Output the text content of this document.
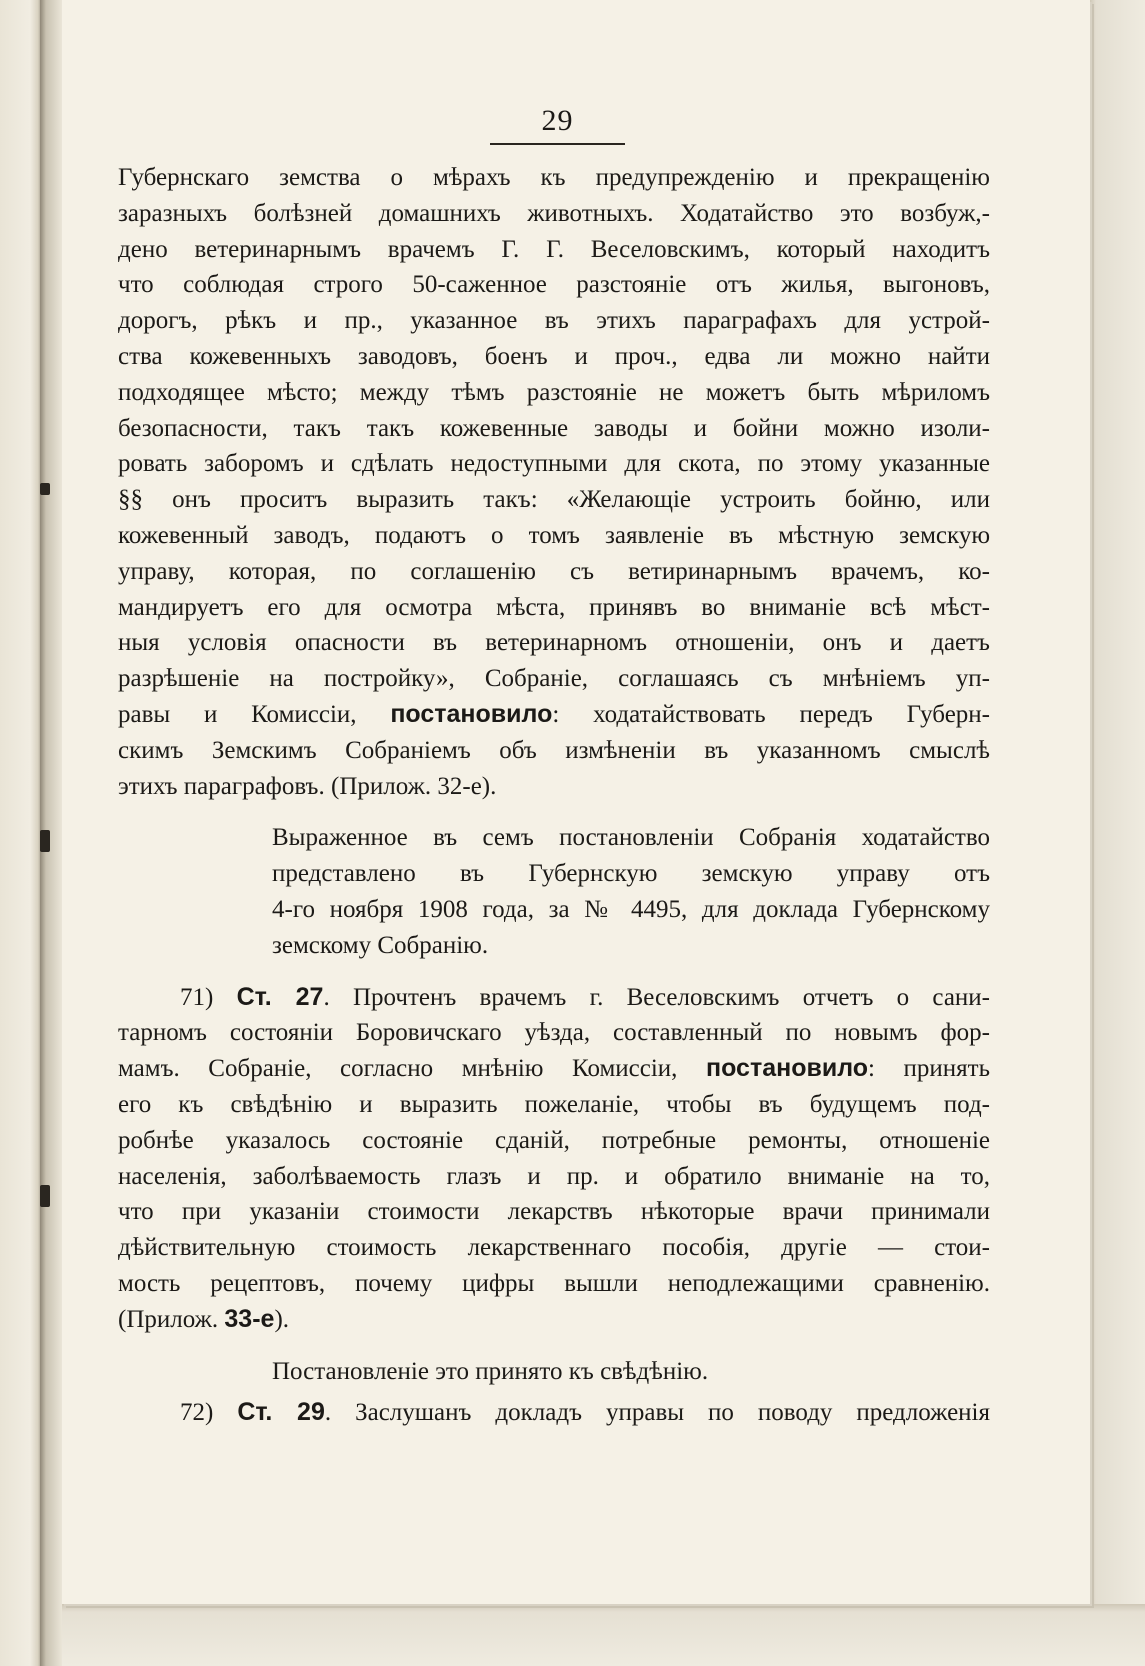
29
Губернскаго земства о мѣрахъ къ предупрежденію и прекращенію
заразныхъ болѣзней домашнихъ животныхъ. Ходатайство это возбуж,-
дено ветеринарнымъ врачемъ Г. Г. Веселовскимъ, который находитъ
что соблюдая строго 50-саженное разстояніе отъ жилья, выгоновъ,
дорогъ, рѣкъ и пр., указанное въ этихъ параграфахъ для устрой-
ства кожевенныхъ заводовъ, боенъ и проч., едва ли можно найти
подходящее мѣсто; между тѣмъ разстояніе не можетъ быть мѣриломъ
безопасности, такъ такъ кожевенные заводы и бойни можно изоли-
ровать заборомъ и сдѣлать недоступными для скота, по этому указанные
§§ онъ проситъ выразить такъ: «Желающіе устроить бойню, или
кожевенный заводъ, подаютъ о томъ заявленіе въ мѣстную земскую
управу, которая, по соглашенію съ ветиринарнымъ врачемъ, ко-
мандируетъ его для осмотра мѣста, принявъ во вниманіе всѣ мѣст-
ныя условія опасности въ ветеринарномъ отношеніи, онъ и даетъ
разрѣшеніе на постройку», Собраніе, соглашаясь съ мнѣніемъ уп-
равы и Комиссіи, постановило: ходатайствовать передъ Губерн-
скимъ Земскимъ Собраніемъ объ измѣненіи въ указанномъ смыслѣ
этихъ параграфовъ. (Прилож. 32-е).
Выраженное въ семъ постановленіи Собранія ходатайство
представлено въ Губернскую земскую управу отъ
4-го ноября 1908 года, за № 4495, для доклада Губернскому
земскому Собранію.
71) Ст. 27. Прочтенъ врачемъ г. Веселовскимъ отчетъ о сани-
тарномъ состояніи Боровичскаго уѣзда, составленный по новымъ фор-
мамъ. Собраніе, согласно мнѣнію Комиссіи, постановило: принять
его къ свѣдѣнію и выразить пожеланіе, чтобы въ будущемъ под-
робнѣе указалось состояніе сданій, потребные ремонты, отношеніе
населенія, заболѣваемость глазъ и пр. и обратило вниманіе на то,
что при указаніи стоимости лекарствъ нѣкоторые врачи принимали
дѣйствительную стоимость лекарственнаго пособія, другіе — стои-
мость рецептовъ, почему цифры вышли неподлежащими сравненію.
(Прилож. 33-е).
Постановленіе это принято къ свѣдѣнію.
72) Ст. 29. Заслушанъ докладъ управы по поводу предложенія
